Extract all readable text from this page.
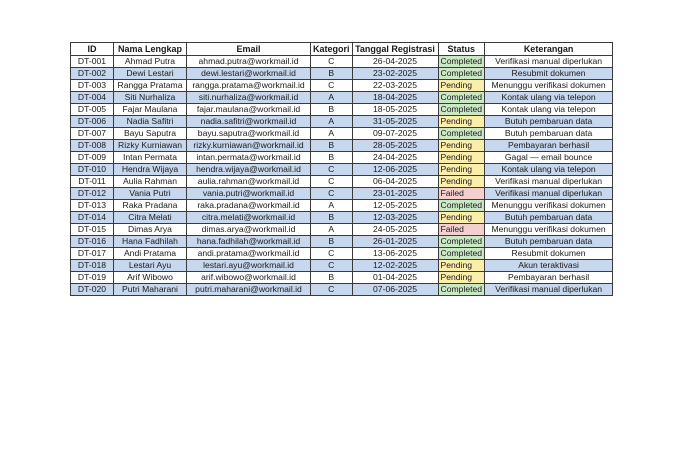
ID	Nama Lengkap	Email	Kategori	Tanggal Registrasi	Status	Keterangan
DT-001	Ahmad Putra	ahmad.putra@workmail.id	C	26-04-2025	Completed	Verifikasi manual diperlukan
DT-002	Dewi Lestari	dewi.lestari@workmail.id	B	23-02-2025	Completed	Resubmit dokumen
DT-003	Rangga Pratama	rangga.pratama@workmail.id	C	22-03-2025	Pending	Menunggu verifikasi dokumen
DT-004	Siti Nurhaliza	siti.nurhaliza@workmail.id	A	18-04-2025	Completed	Kontak ulang via telepon
DT-005	Fajar Maulana	fajar.maulana@workmail.id	B	18-05-2025	Completed	Kontak ulang via telepon
DT-006	Nadia Safitri	nadia.safitri@workmail.id	A	31-05-2025	Pending	Butuh pembaruan data
DT-007	Bayu Saputra	bayu.saputra@workmail.id	A	09-07-2025	Completed	Butuh pembaruan data
DT-008	Rizky Kurniawan	rizky.kurniawan@workmail.id	B	28-05-2025	Pending	Pembayaran berhasil
DT-009	Intan Permata	intan.permata@workmail.id	B	24-04-2025	Pending	Gagal — email bounce
DT-010	Hendra Wijaya	hendra.wijaya@workmail.id	C	12-06-2025	Pending	Kontak ulang via telepon
DT-011	Aulia Rahman	aulia.rahman@workmail.id	C	06-04-2025	Pending	Verifikasi manual diperlukan
DT-012	Vania Putri	vania.putri@workmail.id	C	23-01-2025	Failed	Verifikasi manual diperlukan
DT-013	Raka Pradana	raka.pradana@workmail.id	A	12-05-2025	Completed	Menunggu verifikasi dokumen
DT-014	Citra Melati	citra.melati@workmail.id	B	12-03-2025	Pending	Butuh pembaruan data
DT-015	Dimas Arya	dimas.arya@workmail.id	A	24-05-2025	Failed	Menunggu verifikasi dokumen
DT-016	Hana Fadhilah	hana.fadhilah@workmail.id	B	26-01-2025	Completed	Butuh pembaruan data
DT-017	Andi Pratama	andi.pratama@workmail.id	C	13-06-2025	Completed	Resubmit dokumen
DT-018	Lestari Ayu	lestari.ayu@workmail.id	C	12-02-2025	Pending	Akun teraktivasi
DT-019	Arif Wibowo	arif.wibowo@workmail.id	B	01-04-2025	Pending	Pembayaran berhasil
DT-020	Putri Maharani	putri.maharani@workmail.id	C	07-06-2025	Completed	Verifikasi manual diperlukan
